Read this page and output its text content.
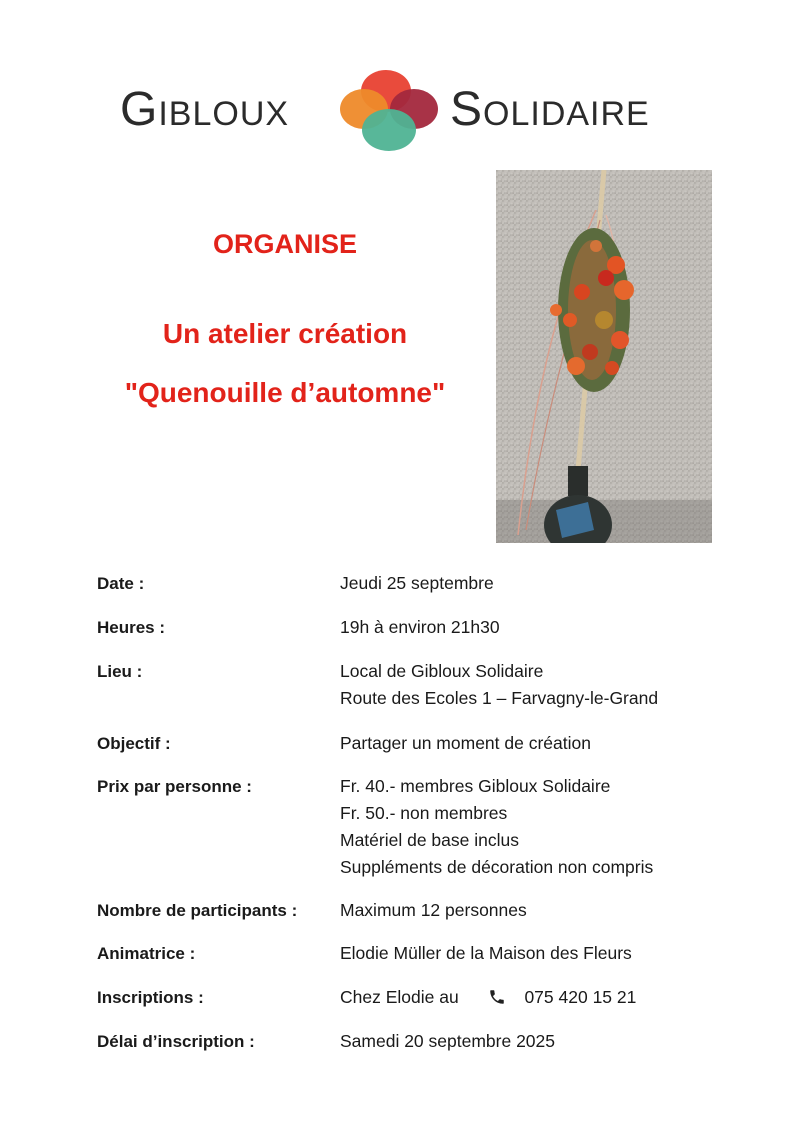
Gibloux	Solidaire
ORGANISE
Un atelier création
"Quenouille d’automne"
Date :	Jeudi 25 septembre
Heures :	19h à environ 21h30
Lieu :	Local de Gibloux Solidaire
Route des Ecoles 1 – Farvagny-le-Grand
Objectif :	Partager un moment de création
Prix par personne :	Fr. 40.- membres Gibloux Solidaire
Fr. 50.- non membres
Matériel de base inclus
Suppléments de décoration non compris
Nombre de participants : Maximum 12 personnes
Animatrice :	Elodie Müller de la Maison des Fleurs
Inscriptions :	Chez Elodie au	075 420 15 21
Délai d’inscription :	Samedi 20 septembre 2025
